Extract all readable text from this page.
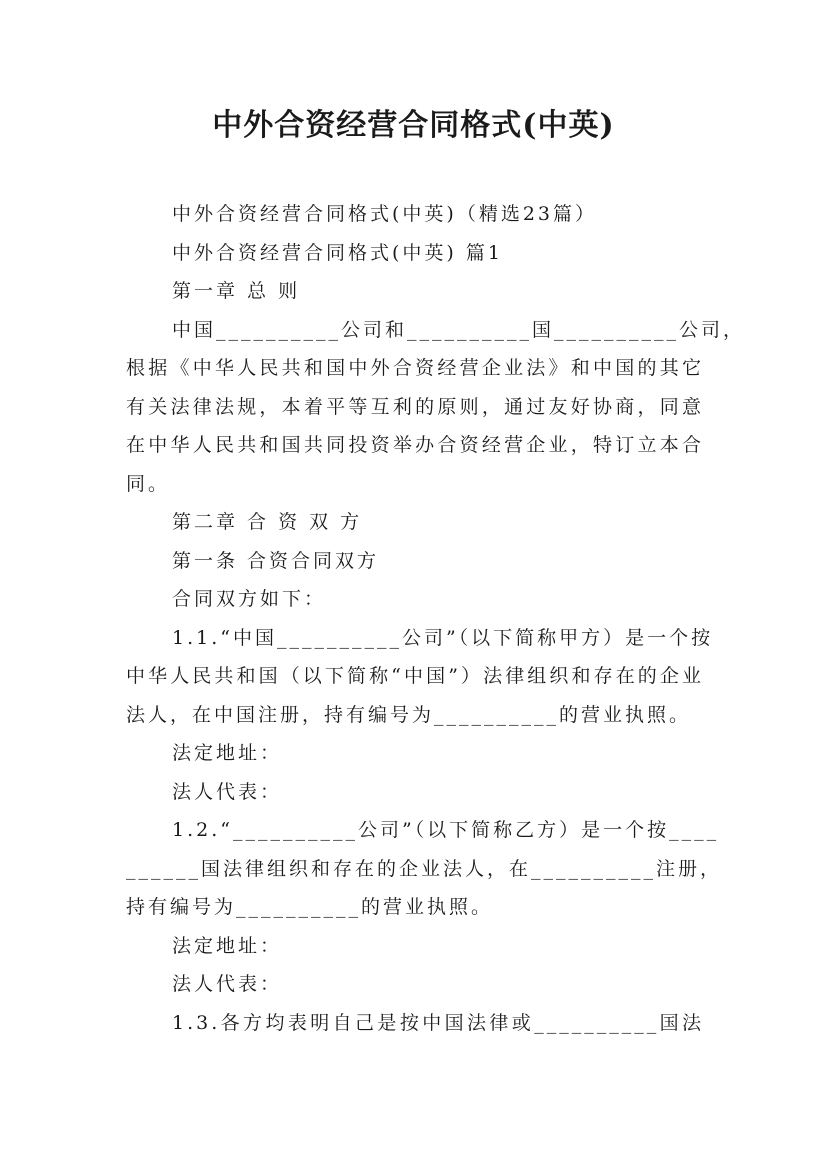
中外合资经营合同格式(中英)
中外合资经营合同格式(中英)（精选23篇）
中外合资经营合同格式(中英) 篇1
第一章 总 则
中国__________公司和__________国__________公司，
根据《中华人民共和国中外合资经营企业法》和中国的其它
有关法律法规，本着平等互利的原则，通过友好协商，同意
在中华人民共和国共同投资举办合资经营企业，特订立本合
同。
第二章 合 资 双 方
第一条 合资合同双方
合同双方如下：
1.1.“中国__________公司”（以下简称甲方）是一个按
中华人民共和国（以下简称“中国”）法律组织和存在的企业
法人，在中国注册，持有编号为__________的营业执照。
法定地址：
法人代表：
1.2.“__________公司”（以下简称乙方）是一个按____
______国法律组织和存在的企业法人，在__________注册，
持有编号为__________的营业执照。
法定地址：
法人代表：
1.3.各方均表明自己是按中国法律或__________国法
